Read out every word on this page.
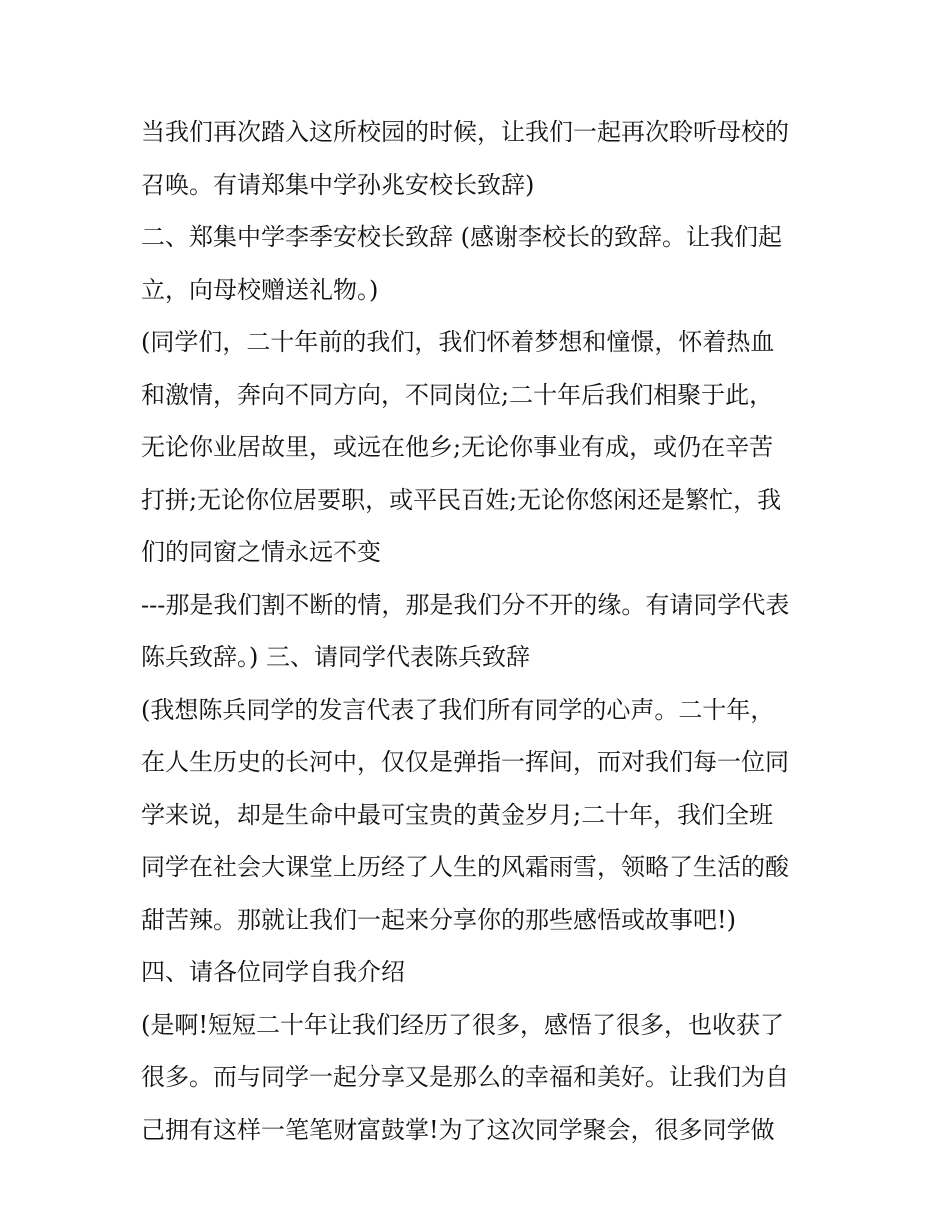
当我们再次踏入这所校园的时候，让我们一起再次聆听母校的
召唤。有请郑集中学孙兆安校长致辞)
二、郑集中学李季安校长致辞 (感谢李校长的致辞。让我们起
立，向母校赠送礼物。)
(同学们，二十年前的我们，我们怀着梦想和憧憬，怀着热血
和激情，奔向不同方向，不同岗位;二十年后我们相聚于此，
无论你业居故里，或远在他乡;无论你事业有成，或仍在辛苦
打拼;无论你位居要职，或平民百姓;无论你悠闲还是繁忙，我
们的同窗之情永远不变
---那是我们割不断的情，那是我们分不开的缘。有请同学代表
陈兵致辞。) 三、请同学代表陈兵致辞
(我想陈兵同学的发言代表了我们所有同学的心声。二十年，
在人生历史的长河中，仅仅是弹指一挥间，而对我们每一位同
学来说，却是生命中最可宝贵的黄金岁月;二十年，我们全班
同学在社会大课堂上历经了人生的风霜雨雪，领略了生活的酸
甜苦辣。那就让我们一起来分享你的那些感悟或故事吧!)
四、请各位同学自我介绍
(是啊!短短二十年让我们经历了很多，感悟了很多，也收获了
很多。而与同学一起分享又是那么的幸福和美好。让我们为自
己拥有这样一笔笔财富鼓掌!为了这次同学聚会，很多同学做
